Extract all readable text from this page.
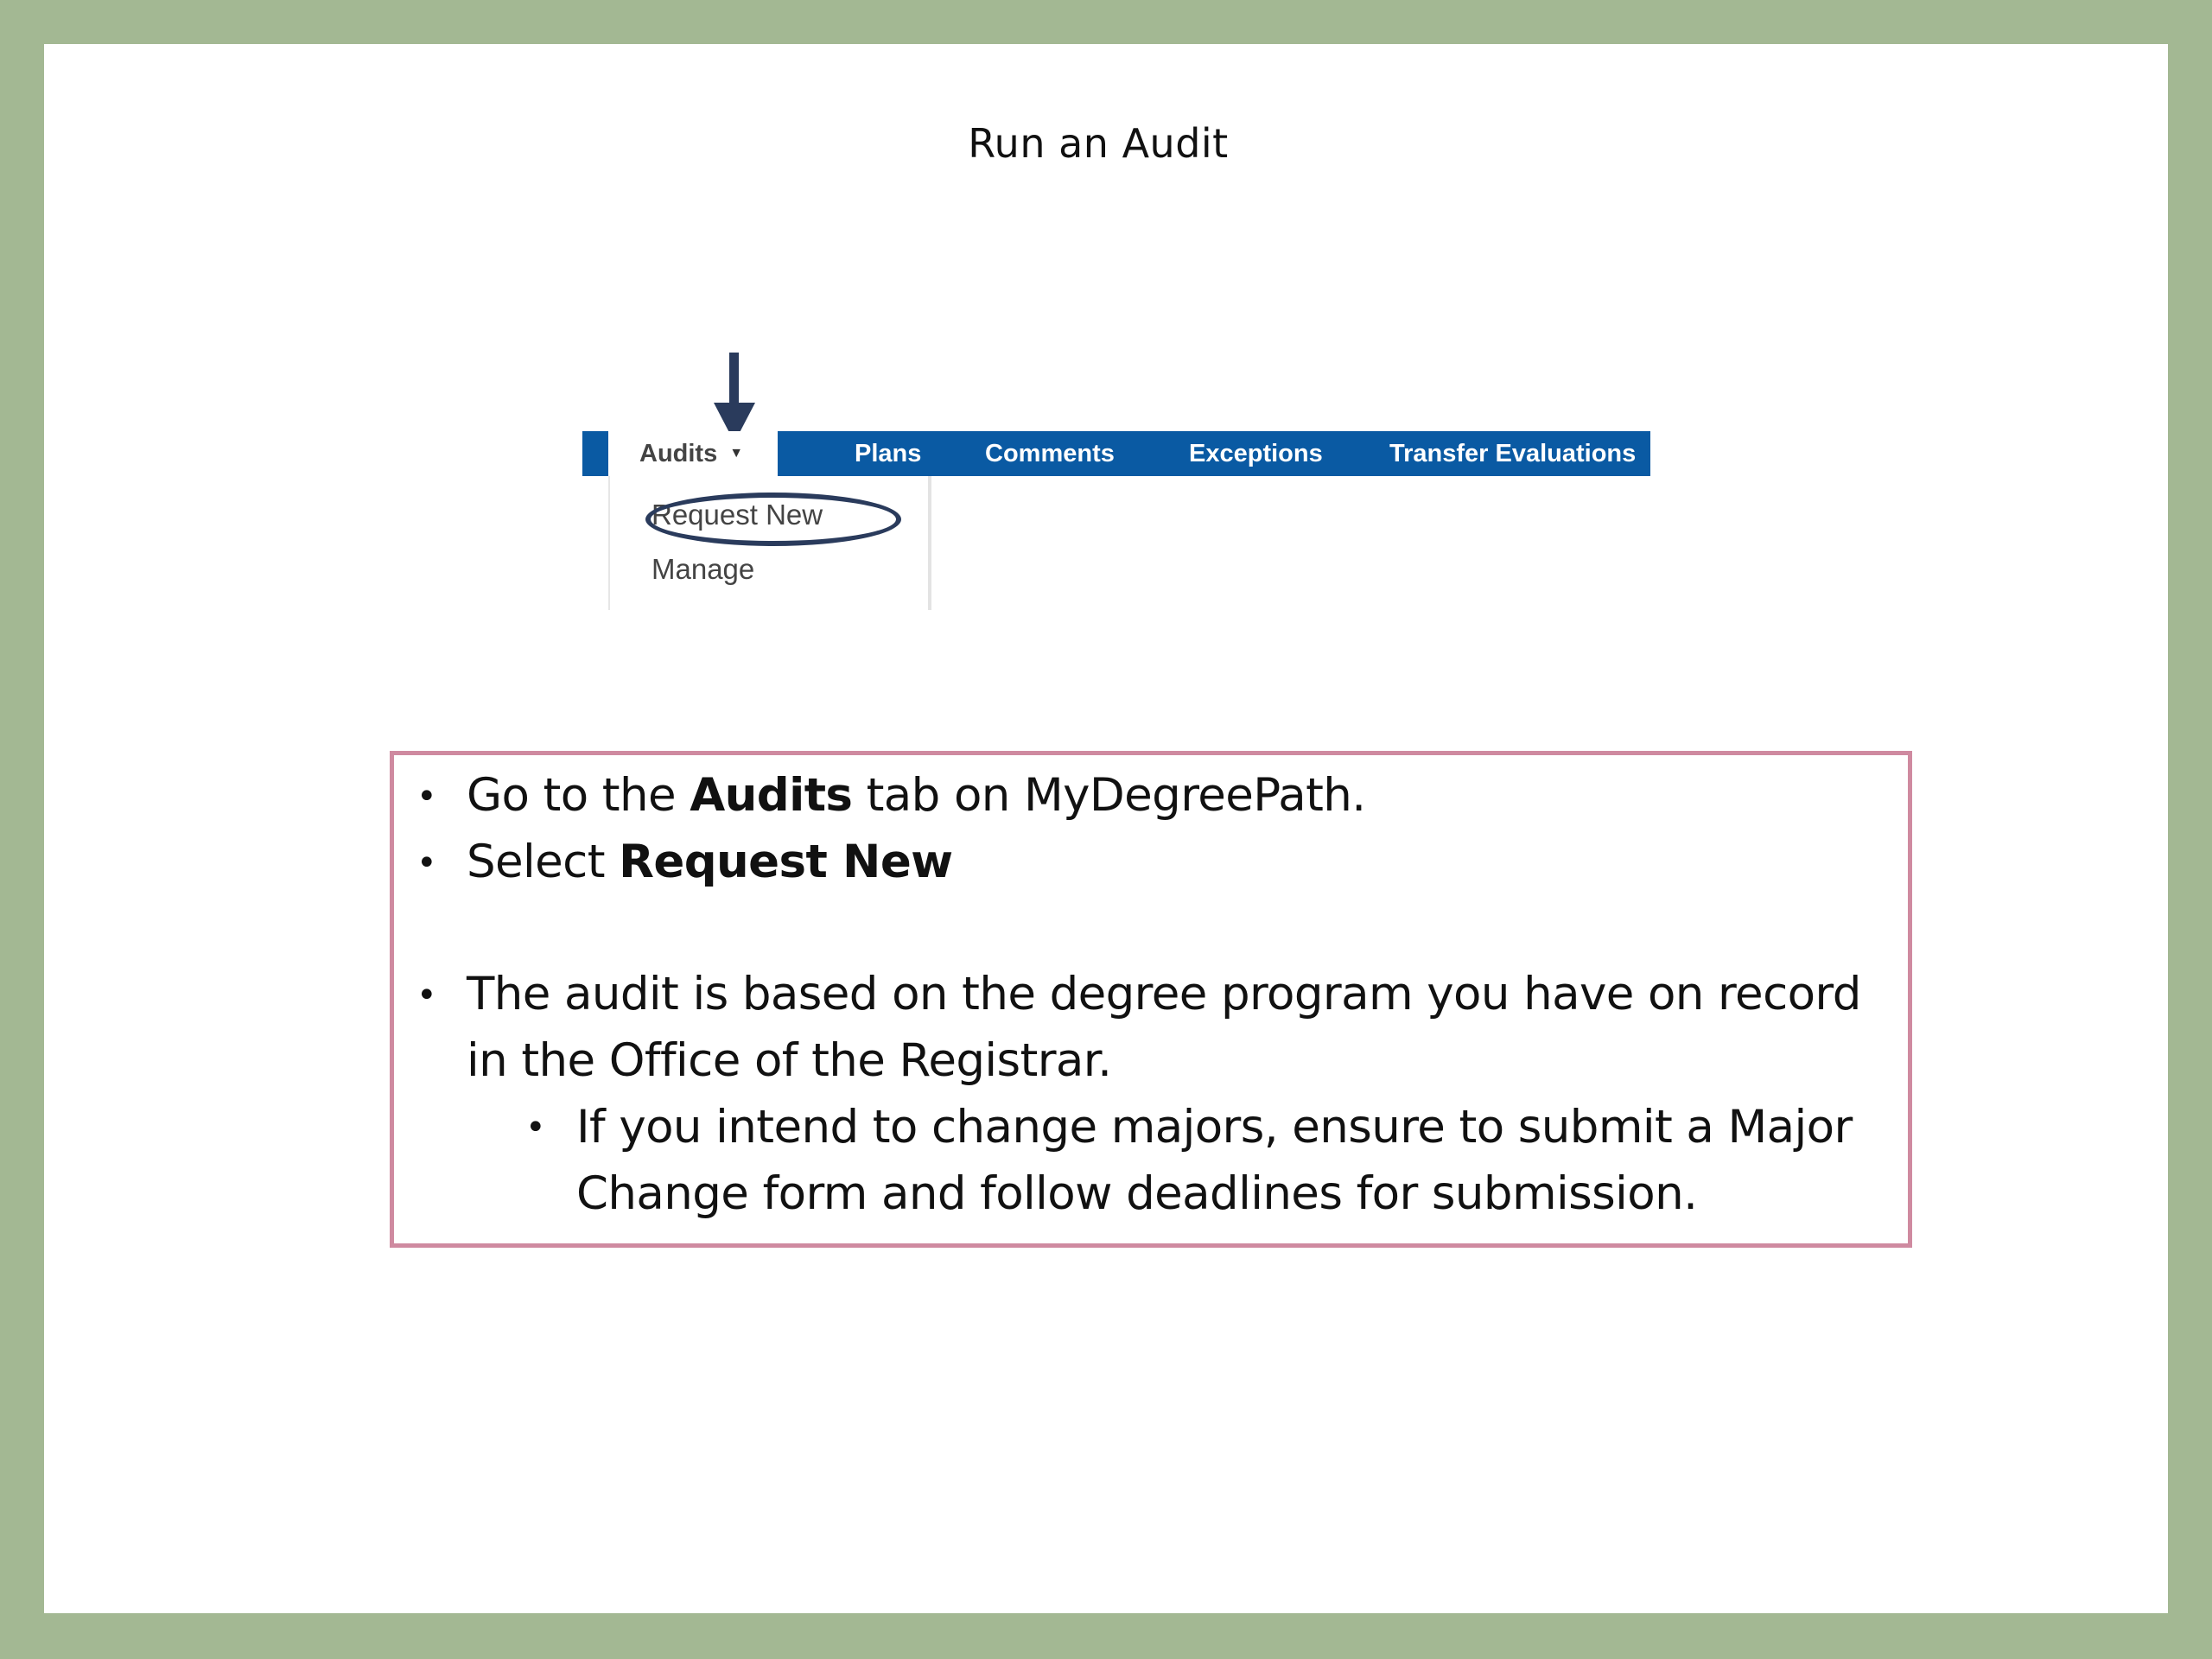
Run an Audit
Audits ▼	Plans	Comments	Exceptions	Transfer Evaluations
Request New
Manage
• Go to the Audits tab on MyDegreePath.
• Select Request New
• The audit is based on the degree program you have on record
in the Office of the Registrar.
• If you intend to change majors, ensure to submit a Major
Change form and follow deadlines for submission.
